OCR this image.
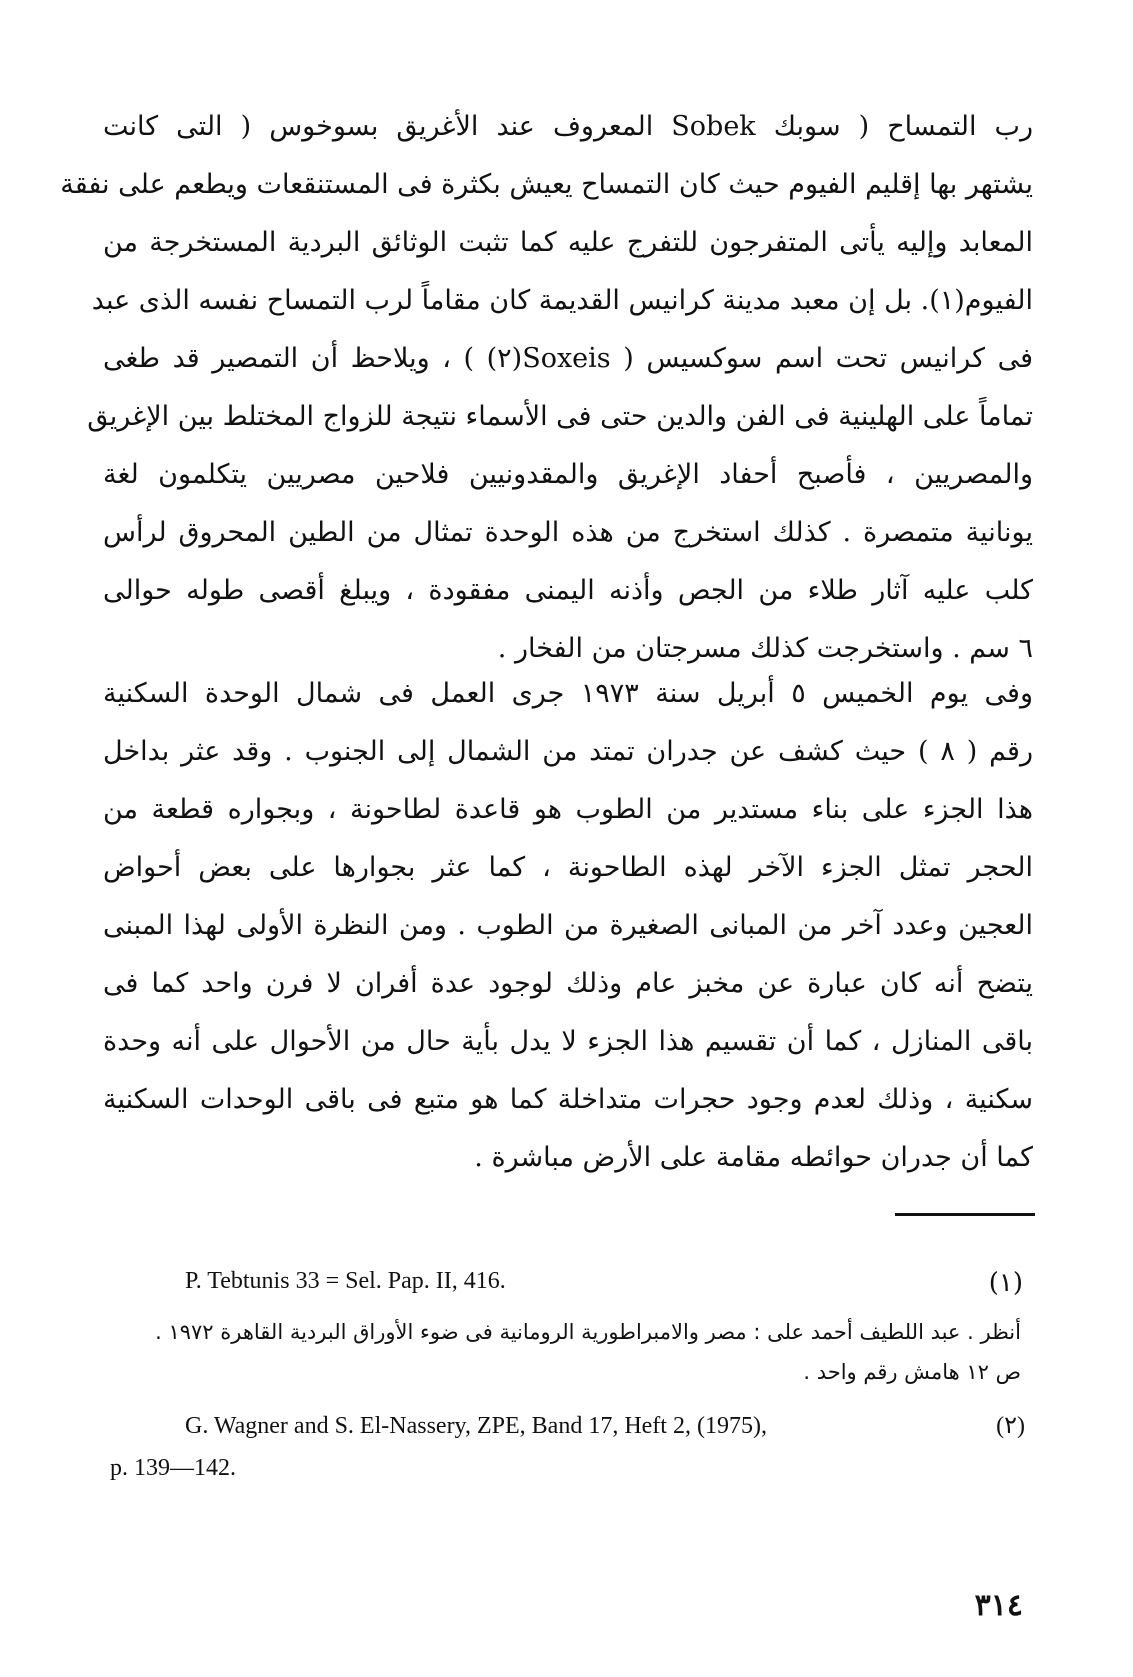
رب التمساح ( سوبك Sobek المعروف عند الأغريق بسوخوس ( التى كانت
يشتهر بها إقليم الفيوم حيث كان التمساح يعيش بكثرة فى المستنقعات ويطعم على نفقة
المعابد وإليه يأتى المتفرجون للتفرج عليه كما تثبت الوثائق البردية المستخرجة من
الفيوم(١). بل إن معبد مدينة كرانيس القديمة كان مقاماً لرب التمساح نفسه الذى عبد
فى كرانيس تحت اسم سوكسيس ( Soxeis(٢) ) ، ويلاحظ أن التمصير قد طغى
تماماً على الهلينية فى الفن والدين حتى فى الأسماء نتيجة للزواج المختلط بين الإغريق
والمصريين ، فأصبح أحفاد الإغريق والمقدونيين فلاحين مصريين يتكلمون لغة
يونانية متمصرة . كذلك استخرج من هذه الوحدة تمثال من الطين المحروق لرأس
كلب عليه آثار طلاء من الجص وأذنه اليمنى مفقودة ، ويبلغ أقصى طوله حوالى
٦ سم . واستخرجت كذلك مسرجتان من الفخار .
وفى يوم الخميس ٥ أبريل سنة ١٩٧٣ جرى العمل فى شمال الوحدة السكنية
رقم ( ٨ ) حيث كشف عن جدران تمتد من الشمال إلى الجنوب . وقد عثر بداخل
هذا الجزء على بناء مستدير من الطوب هو قاعدة لطاحونة ، وبجواره قطعة من
الحجر تمثل الجزء الآخر لهذه الطاحونة ، كما عثر بجوارها على بعض أحواض
العجين وعدد آخر من المبانى الصغيرة من الطوب . ومن النظرة الأولى لهذا المبنى
يتضح أنه كان عبارة عن مخبز عام وذلك لوجود عدة أفران لا فرن واحد كما فى
باقى المنازل ، كما أن تقسيم هذا الجزء لا يدل بأية حال من الأحوال على أنه وحدة
سكنية ، وذلك لعدم وجود حجرات متداخلة كما هو متبع فى باقى الوحدات السكنية
كما أن جدران حوائطه مقامة على الأرض مباشرة .
P. Tebtunis 33 = Sel. Pap. II, 416.	(١)
أنظر . عبد اللطيف أحمد على : مصر والامبراطورية الرومانية فى ضوء الأوراق البردية القاهرة ١٩٧٢ .
ص ١٢ هامش رقم واحد .
G. Wagner and S. El-Nassery, ZPE, Band 17, Heft 2, (1975),	(٢)
p. 139—142.
٣١٤
